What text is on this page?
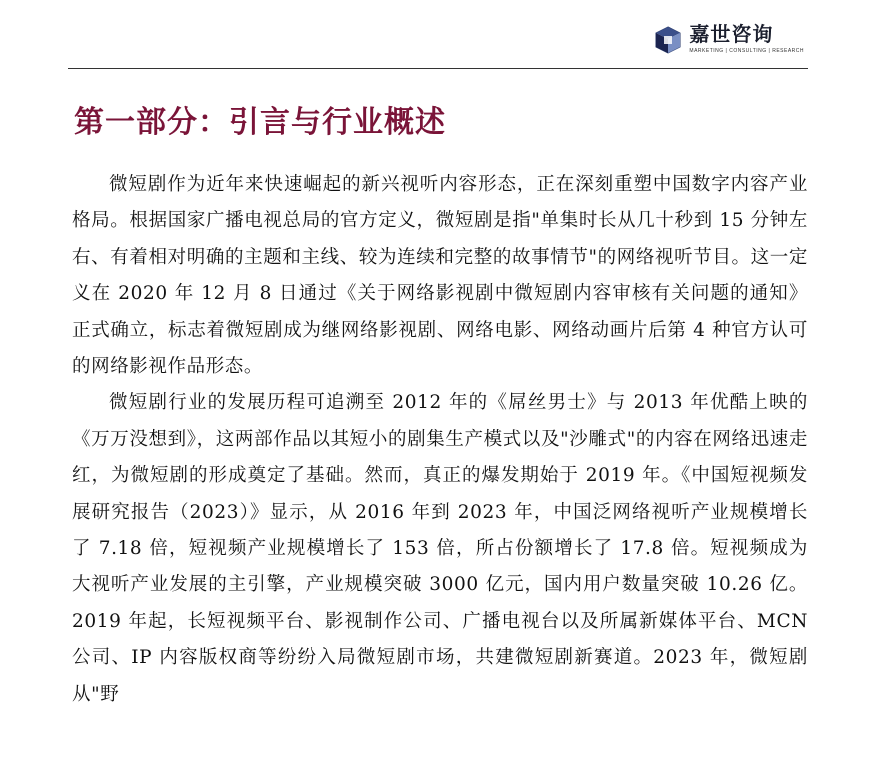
嘉世咨询
MARKETING | CONSULTING | RESEARCH
第一部分：引言与行业概述

微短剧作为近年来快速崛起的新兴视听内容形态，正在深刻重塑中国数字内容产业格局。根据国家广播电视总局的官方定义，微短剧是指"单集时长从几十秒到 15 分钟左右、有着相对明确的主题和主线、较为连续和完整的故事情节"的网络视听节目。这一定义在 2020 年 12 月 8 日通过《关于网络影视剧中微短剧内容审核有关问题的通知》正式确立，标志着微短剧成为继网络影视剧、网络电影、网络动画片后第 4 种官方认可的网络影视作品形态。

微短剧行业的发展历程可追溯至 2012 年的《屌丝男士》与 2013 年优酷上映的《万万没想到》，这两部作品以其短小的剧集生产模式以及"沙雕式"的内容在网络迅速走红，为微短剧的形成奠定了基础。然而，真正的爆发期始于 2019 年。《中国短视频发展研究报告（2023）》显示，从 2016 年到 2023 年，中国泛网络视听产业规模增长了 7.18 倍，短视频产业规模增长了 153 倍，所占份额增长了 17.8 倍。短视频成为大视听产业发展的主引擎，产业规模突破 3000 亿元，国内用户数量突破 10.26 亿。2019 年起，长短视频平台、影视制作公司、广播电视台以及所属新媒体平台、MCN 公司、IP 内容版权商等纷纷入局微短剧市场，共建微短剧新赛道。2023 年，微短剧从"野
